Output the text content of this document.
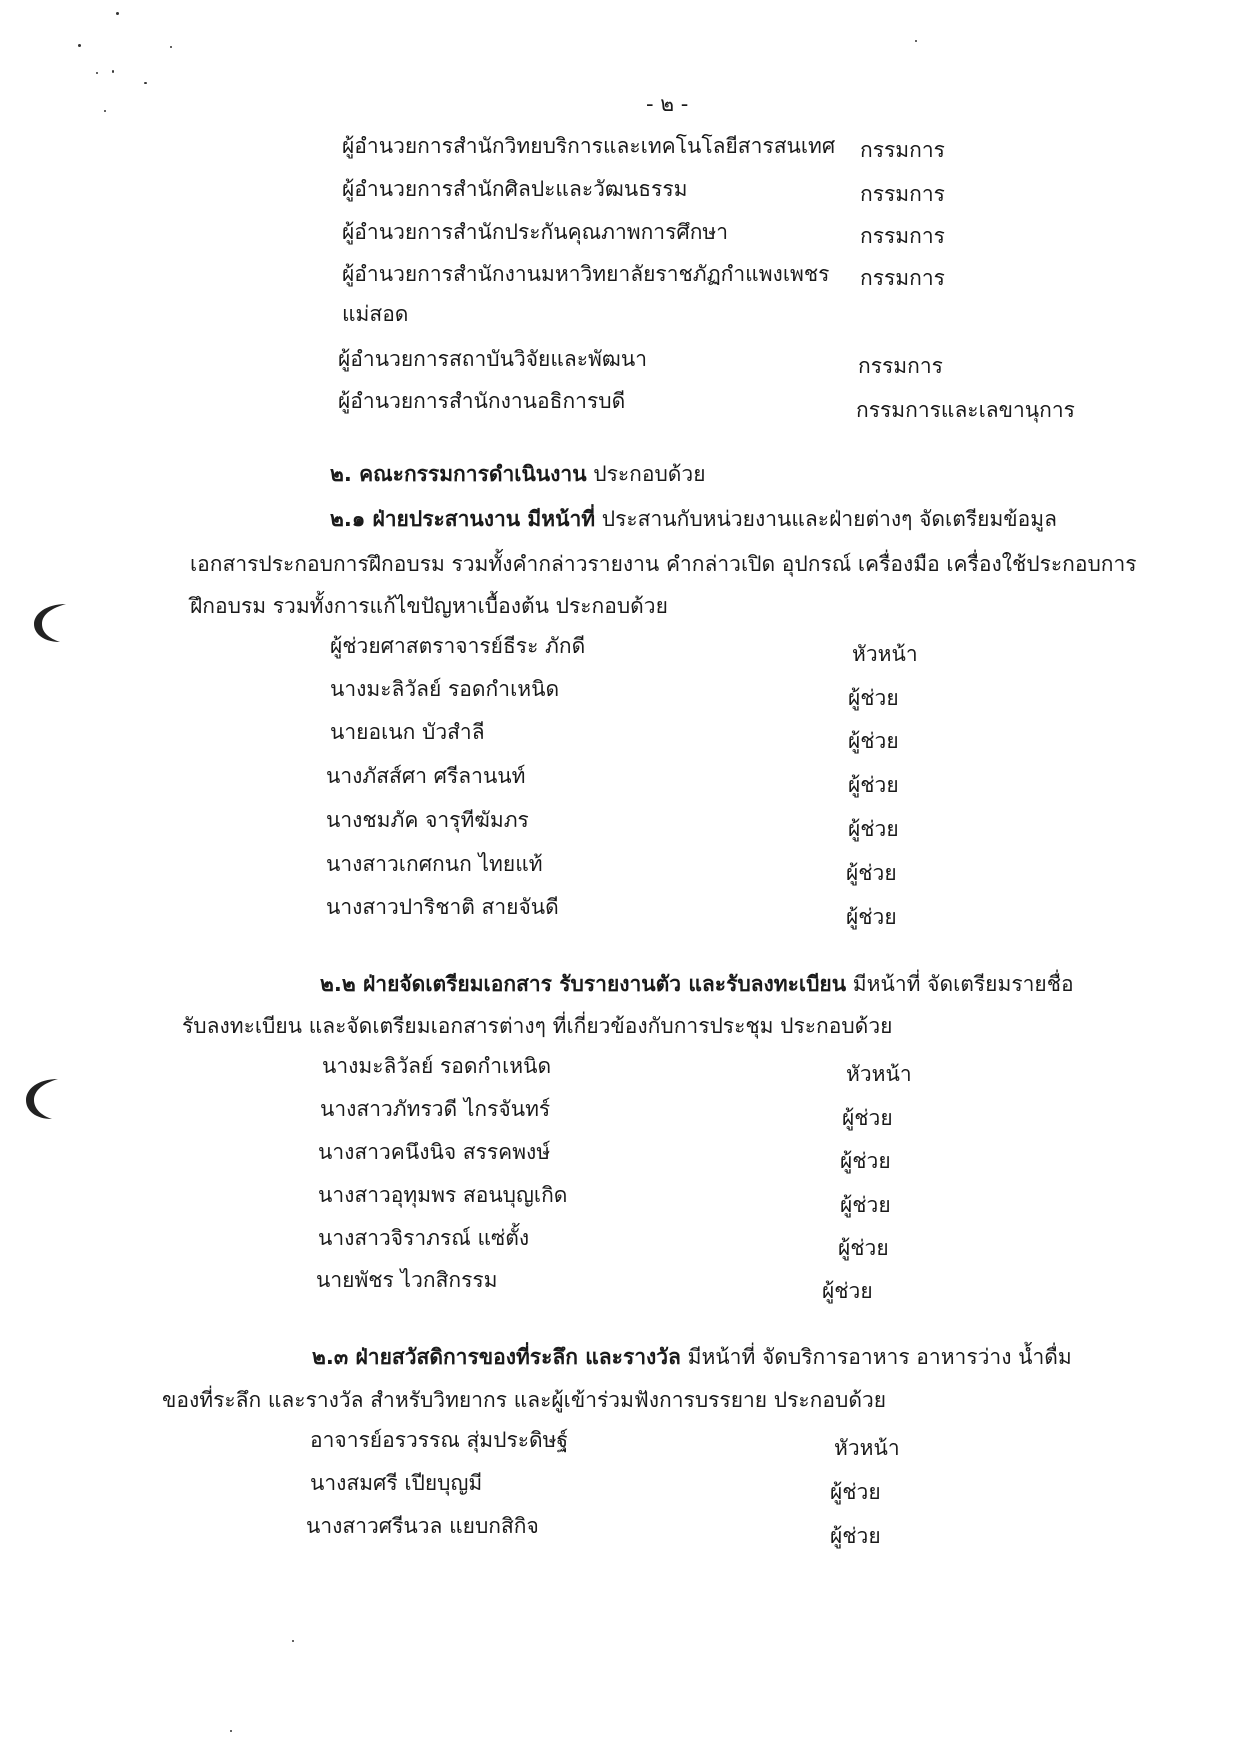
- ๒ -
ผู้อำนวยการสำนักวิทยบริการและเทคโนโลยีสารสนเทศ กรรมการ
ผู้อำนวยการสำนักศิลปะและวัฒนธรรม	กรรมการ
ผู้อำนวยการสำนักประกันคุณภาพการศึกษา	กรรมการ
ผู้อำนวยการสำนักงานมหาวิทยาลัยราชภัฏกำแพงเพชร กรรมการ
แม่สอด
ผู้อำนวยการสถาบันวิจัยและพัฒนา	กรรมการ
ผู้อำนวยการสำนักงานอธิการบดี	กรรมการและเลขานุการ
๒. คณะกรรมการดำเนินงาน ประกอบด้วย
๒.๑ ฝ่ายประสานงาน มีหน้าที่ ประสานกับหน่วยงานและฝ่ายต่างๆ จัดเตรียมข้อมูล
เอกสารประกอบการฝึกอบรม รวมทั้งคำกล่าวรายงาน คำกล่าวเปิด อุปกรณ์ เครื่องมือ เครื่องใช้ประกอบการ
ฝึกอบรม รวมทั้งการแก้ไขปัญหาเบื้องต้น ประกอบด้วย
ผู้ช่วยศาสตราจารย์ธีระ ภักดี	หัวหน้า
นางมะลิวัลย์ รอดกำเหนิด	ผู้ช่วย
นายอเนก บัวสำลี	ผู้ช่วย
นางภัสส์ศา ศรีลานนท์	ผู้ช่วย
นางชมภัค จารุทีฆัมภร	ผู้ช่วย
นางสาวเกศกนก ไทยแท้	ผู้ช่วย
นางสาวปาริชาติ สายจันดี	ผู้ช่วย
๒.๒ ฝ่ายจัดเตรียมเอกสาร รับรายงานตัว และรับลงทะเบียน มีหน้าที่ จัดเตรียมรายชื่อ
รับลงทะเบียน และจัดเตรียมเอกสารต่างๆ ที่เกี่ยวข้องกับการประชุม ประกอบด้วย
นางมะลิวัลย์ รอดกำเหนิด	หัวหน้า
นางสาวภัทรวดี ไกรจันทร์	ผู้ช่วย
นางสาวคนึงนิจ สรรคพงษ์	ผู้ช่วย
นางสาวอุทุมพร สอนบุญเกิด	ผู้ช่วย
นางสาวจิราภรณ์ แซ่ตั้ง	ผู้ช่วย
นายพัชร ไวกสิกรรม	ผู้ช่วย
๒.๓ ฝ่ายสวัสดิการของที่ระลึก และรางวัล มีหน้าที่ จัดบริการอาหาร อาหารว่าง น้ำดื่ม
ของที่ระลึก และรางวัล สำหรับวิทยากร และผู้เข้าร่วมฟังการบรรยาย ประกอบด้วย
อาจารย์อรวรรณ สุ่มประดิษฐ์	หัวหน้า
นางสมศรี เปียบุญมี	ผู้ช่วย
นางสาวศรีนวล แยบกสิกิจ	ผู้ช่วย
